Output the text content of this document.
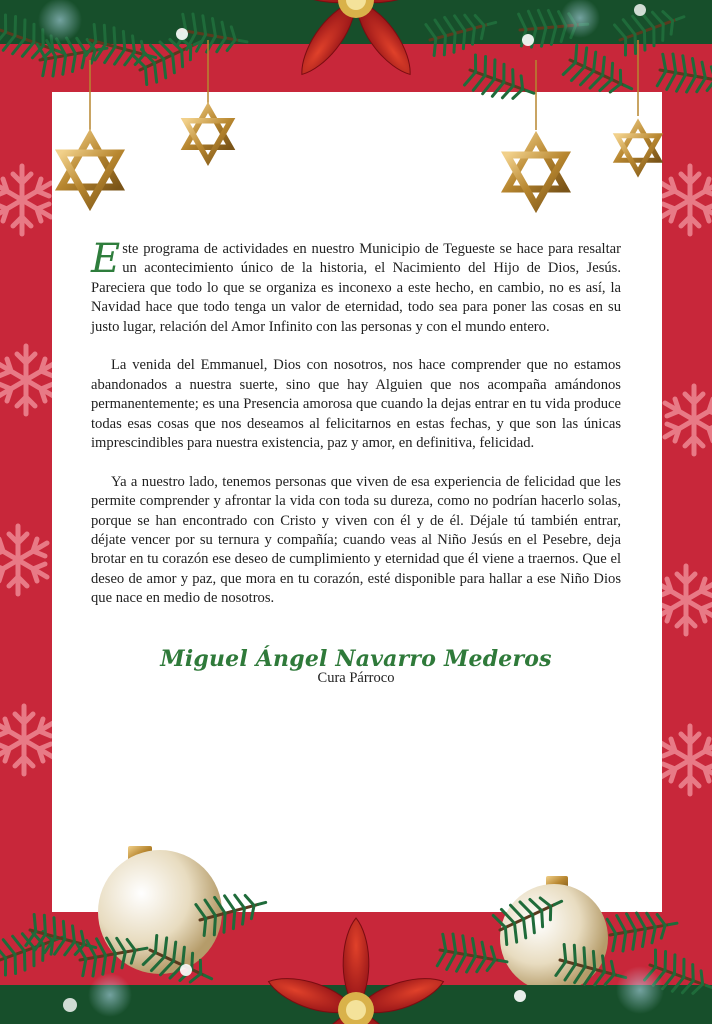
Este programa de actividades en nuestro Municipio de Tegueste se hace para resaltar un acontecimiento único de la historia, el Nacimiento del Hijo de Dios, Jesús. Pareciera que todo lo que se organiza es inconexo a este hecho, en cambio, no es así, la Navidad hace que todo tenga un valor de eternidad, todo sea para poner las cosas en su justo lugar, relación del Amor Infinito con las personas y con el mundo entero.

La venida del Emmanuel, Dios con nosotros, nos hace comprender que no estamos abandonados a nuestra suerte, sino que hay Alguien que nos acompaña amándonos permanentemente; es una Presencia amorosa que cuando la dejas entrar en tu vida produce todas esas cosas que nos deseamos al felicitarnos en estas fechas, y que son las únicas imprescindibles para nuestra existencia, paz y amor, en definitiva, felicidad.

Ya a nuestro lado, tenemos personas que viven de esa experiencia de felicidad que les permite comprender y afrontar la vida con toda su dureza, como no podrían hacerlo solas, porque se han encontrado con Cristo y viven con él y de él. Déjale tú también entrar, déjate vencer por su ternura y compañía; cuando veas al Niño Jesús en el Pesebre, deja brotar en tu corazón ese deseo de cumplimiento y eternidad que él viene a traernos. Que el deseo de amor y paz, que mora en tu corazón, esté disponible para hallar a ese Niño Dios que nace en medio de nosotros.

Miguel Ángel Navarro Mederos
Cura Párroco
